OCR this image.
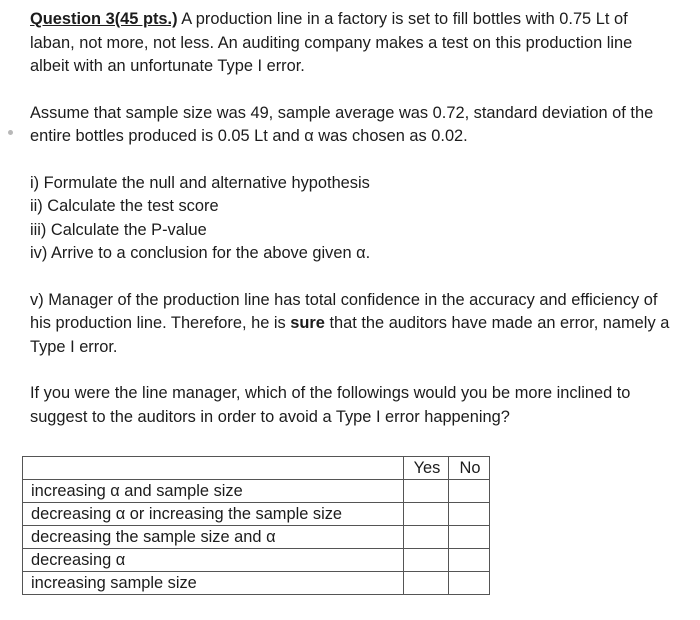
Question 3(45 pts.) A production line in a factory is set to fill bottles with 0.75 Lt of laban, not more, not less. An auditing company makes a test on this production line albeit with an unfortunate Type I error.

Assume that sample size was 49, sample average was 0.72, standard deviation of the entire bottles produced is 0.05 Lt and α was chosen as 0.02.

i) Formulate the null and alternative hypothesis

ii) Calculate the test score

iii) Calculate the P-value

iv) Arrive to a conclusion for the above given α.

v) Manager of the production line has total confidence in the accuracy and efficiency of his production line. Therefore, he is sure that the auditors have made an error, namely a Type I error.

If you were the line manager, which of the followings would you be more inclined to suggest to the auditors in order to avoid a Type I error happening?

	Yes	No
increasing α and sample size		
decreasing α or increasing the sample size		
decreasing the sample size and α		
decreasing α		
increasing sample size		
